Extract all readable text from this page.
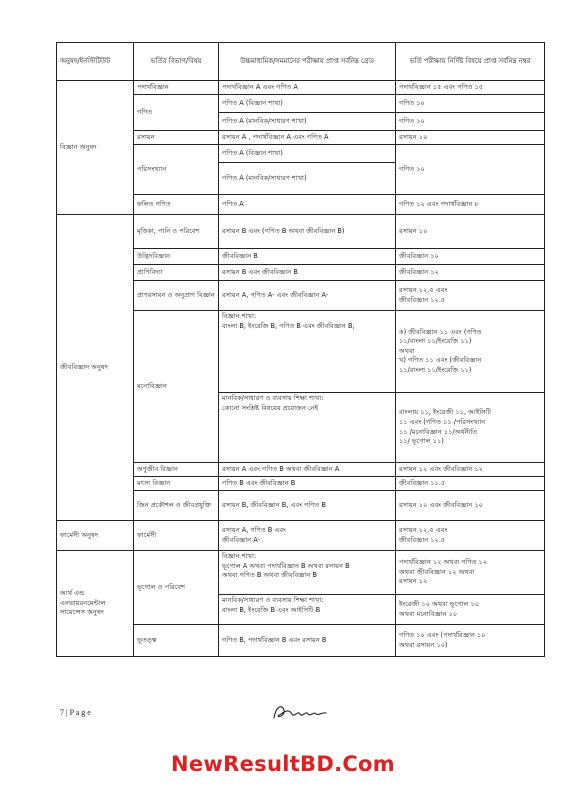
অনুষদ/ইনস্টিটিউট	ভর্তির বিভাগ/বিষয়	উচ্চমাধ্যমিক/সমমানের পরীক্ষায় প্রাপ্ত সর্বনিম্ন গ্রেড	ভর্তি পরীক্ষায় নির্দিষ্ট বিষয়ে প্রাপ্ত সর্বনিম্ন নম্বর
বিজ্ঞান অনুষদ	পদার্থবিজ্ঞান	পদার্থবিজ্ঞান A এবং গণিত A	পদার্থবিজ্ঞান ১৫ এবং গণিত ১৫
	গণিত	গণিত A (বিজ্ঞান শাখা)	গণিত ১০
		গণিত A (মানবিক/সাধারণ শাখা)	গণিত ১০
	রসায়ন	রসায়ন A , পদার্থবিজ্ঞান A এবং গণিত A	রসায়ন ১০
	পরিসংখ্যান	গণিত A (বিজ্ঞান শাখা)	গণিত ১০
		গণিত A (মানবিক/সাধারণ শাখা)	
	ফলিত গণিত	গণিত A	গণিত ১২ এবং পদার্থবিজ্ঞান ৮

জীববিজ্ঞান অনুষদ	মৃত্তিকা, পানি ও পরিবেশ	রসায়ন B এবং (গণিত B অথবা জীববিজ্ঞান B)	রসায়ন ১০
	উদ্ভিদবিজ্ঞান	জীববিজ্ঞান B	জীববিজ্ঞান ১০
	প্রাণিবিদ্যা	রসায়ন B এবং জীববিজ্ঞান B	জীববিজ্ঞান ১২
	প্রাণরসায়ন ও অনুপ্রাণ বিজ্ঞান	রসায়ন A, গণিত A- এবং জীববিজ্ঞান A-	রসায়ন ১২.৫ এবং
জীববিজ্ঞান ১২.৫
	মনোবিজ্ঞান	বিজ্ঞান শাখা:
বাংলা B, ইংরেজি B, গণিত B এবং জীববিজ্ঞান B,	ক) জীববিজ্ঞান ১১ এবং (গণিত
১১/বাংলা ১১/ইংরেজি ১১)
অথবা
খ) গণিত ১১ এবং (জীববিজ্ঞান
১১/বাংলা ১১/ইংরেজি ১১)
		মানবিক/সাধারণ ও ব্যবসায় শিক্ষা শাখা:
কোনো সংশ্লিষ্ট বিষয়ের প্রয়োজন নেই	বাংলায় ১১, ইংরেজী ১১, আইসিটি
১১ এবং (গণিত ১১ /পরিসংখ্যান
১১ /মনোবিজ্ঞান ১১/অর্থনীতি
১১/ ভূগোল ১১)
	অণুজীব বিজ্ঞান	রসায়ন A এবং গণিত B অথবা জীববিজ্ঞান A	রসায়ন ১২ এবং জীববিজ্ঞান ১২
	মৎস্য বিজ্ঞান	গণিত B এবং জীববিজ্ঞান B	জীববিজ্ঞান ১১.৫
	জিন প্রকৌশল ও জীবপ্রযুক্তি	রসায়ন B, জীববিজ্ঞান B, এবং গণিত B	রসায়ন ১০ এবং জীববিজ্ঞান ১০

ফার্মেসী অনুষদ	ফার্মেসী	রসায়ন A, গণিত B এবং
জীববিজ্ঞান A-	রসায়ন ১২.৫ এবং
জীববিজ্ঞান ১২.৫
আর্থ এন্ড এনভায়রনমেন্টাল সায়েন্সেস অনুষদ	ভূগোল ও পরিবেশ	বিজ্ঞান শাখা:
ভূগোল A অথবা পদার্থবিজ্ঞান B অথবা রসায়ন B
অথবা গণিত B অথবা জীববিজ্ঞান B	পদার্থবিজ্ঞান ১২ অথবা গণিত ১২
অথবা জীববিজ্ঞান ১২ অথবা
রসায়ন ১২
		মানবিক/সাধারণ ও ব্যবসায় শিক্ষা শাখা:
বাংলা B, ইংরেজি B এবং আইসিটি B	ইংরেজী ১০ অথবা ভূগোল ১০
অথবা মনোবিজ্ঞান ১০
	ভূতত্ত্ব	গণিত B, পদার্থবিজ্ঞান B এবং রসায়ন B	গণিত ১০ এবং (পদার্থবিজ্ঞান ১০
অথবা রসায়ন ১০)
7 | P a g e
NewResultBD.Com
